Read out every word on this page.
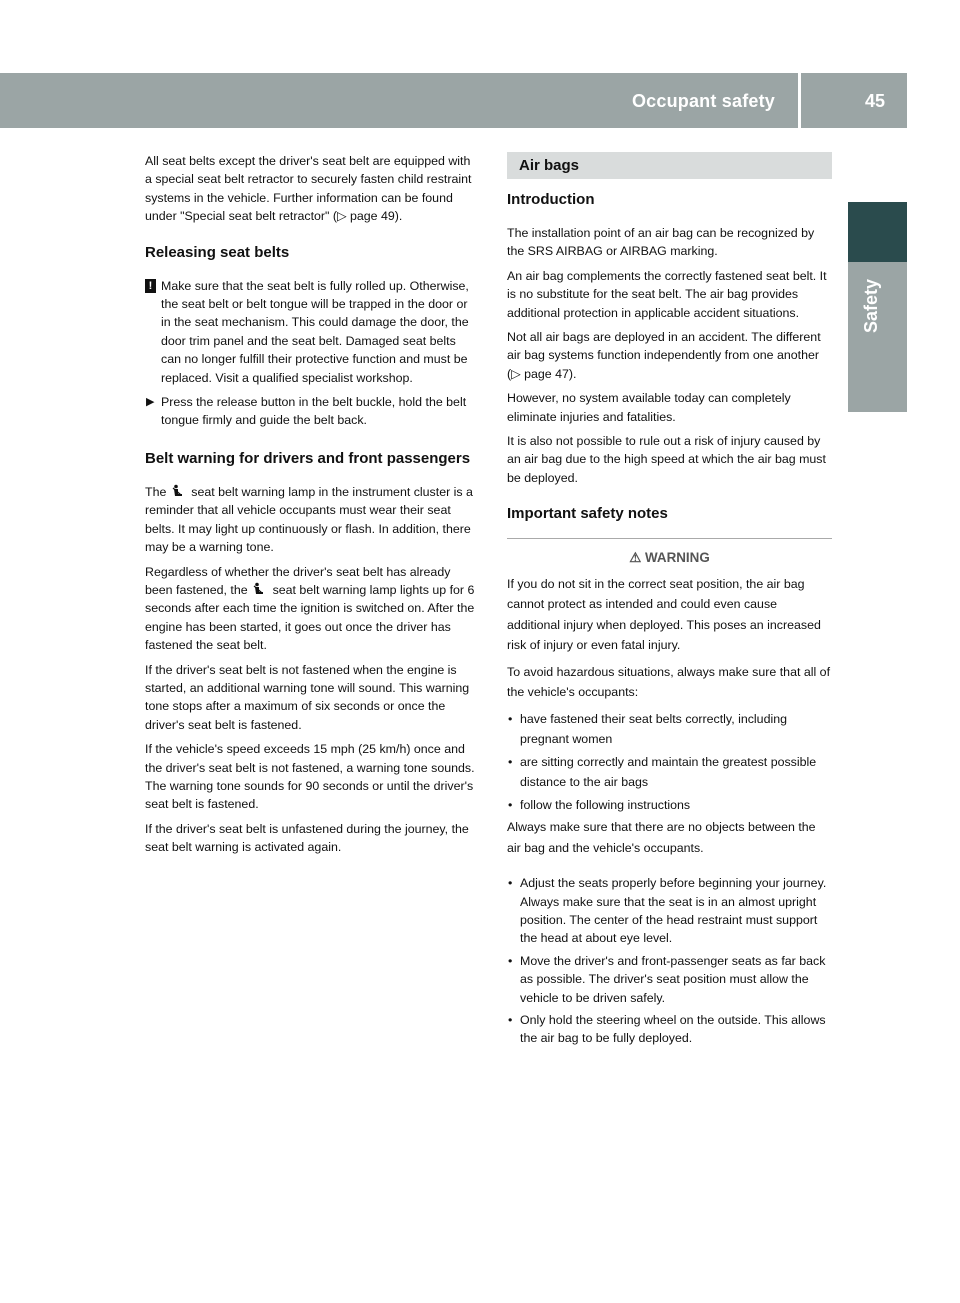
Occupant safety	45
Safety

All seat belts except the driver's seat belt are equipped with a special seat belt retractor to securely fasten child restraint systems in the vehicle. Further information can be found under "Special seat belt retractor" (▷ page 49).

Releasing seat belts
! Make sure that the seat belt is fully rolled up. Otherwise, the seat belt or belt tongue will be trapped in the door or in the seat mechanism. This could damage the door, the door trim panel and the seat belt. Damaged seat belts can no longer fulfill their protective function and must be replaced. Visit a qualified specialist workshop.
▶ Press the release button in the belt buckle, hold the belt tongue firmly and guide the belt back.
Belt warning for drivers and front passengers

The seat belt warning lamp in the instrument cluster is a reminder that all vehicle occupants must wear their seat belts. It may light up continuously or flash. In addition, there may be a warning tone.

Regardless of whether the driver's seat belt has already been fastened, the seat belt warning lamp lights up for 6 seconds after each time the ignition is switched on. After the engine has been started, it goes out once the driver has fastened the seat belt.

If the driver's seat belt is not fastened when the engine is started, an additional warning tone will sound. This warning tone stops after a maximum of six seconds or once the driver's seat belt is fastened.

If the vehicle's speed exceeds 15 mph (25 km/h) once and the driver's seat belt is not fastened, a warning tone sounds. The warning tone sounds for 90 seconds or until the driver's seat belt is fastened.

If the driver's seat belt is unfastened during the journey, the seat belt warning is activated again.

Air bags
Introduction

The installation point of an air bag can be recognized by the SRS AIRBAG or AIRBAG marking.

An air bag complements the correctly fastened seat belt. It is no substitute for the seat belt. The air bag provides additional protection in applicable accident situations.

Not all air bags are deployed in an accident. The different air bag systems function independently from one another (▷ page 47).

However, no system available today can completely eliminate injuries and fatalities.

It is also not possible to rule out a risk of injury caused by an air bag due to the high speed at which the air bag must be deployed.

Important safety notes
⚠ WARNING

If you do not sit in the correct seat position, the air bag cannot protect as intended and could even cause additional injury when deployed. This poses an increased risk of injury or even fatal injury.

To avoid hazardous situations, always make sure that all of the vehicle's occupants:

• have fastened their seat belts correctly, including pregnant women
• are sitting correctly and maintain the greatest possible distance to the air bags
• follow the following instructions

Always make sure that there are no objects between the air bag and the vehicle's occupants.

• Adjust the seats properly before beginning your journey. Always make sure that the seat is in an almost upright position. The center of the head restraint must support the head at about eye level.
• Move the driver's and front-passenger seats as far back as possible. The driver's seat position must allow the vehicle to be driven safely.
• Only hold the steering wheel on the outside. This allows the air bag to be fully deployed.
